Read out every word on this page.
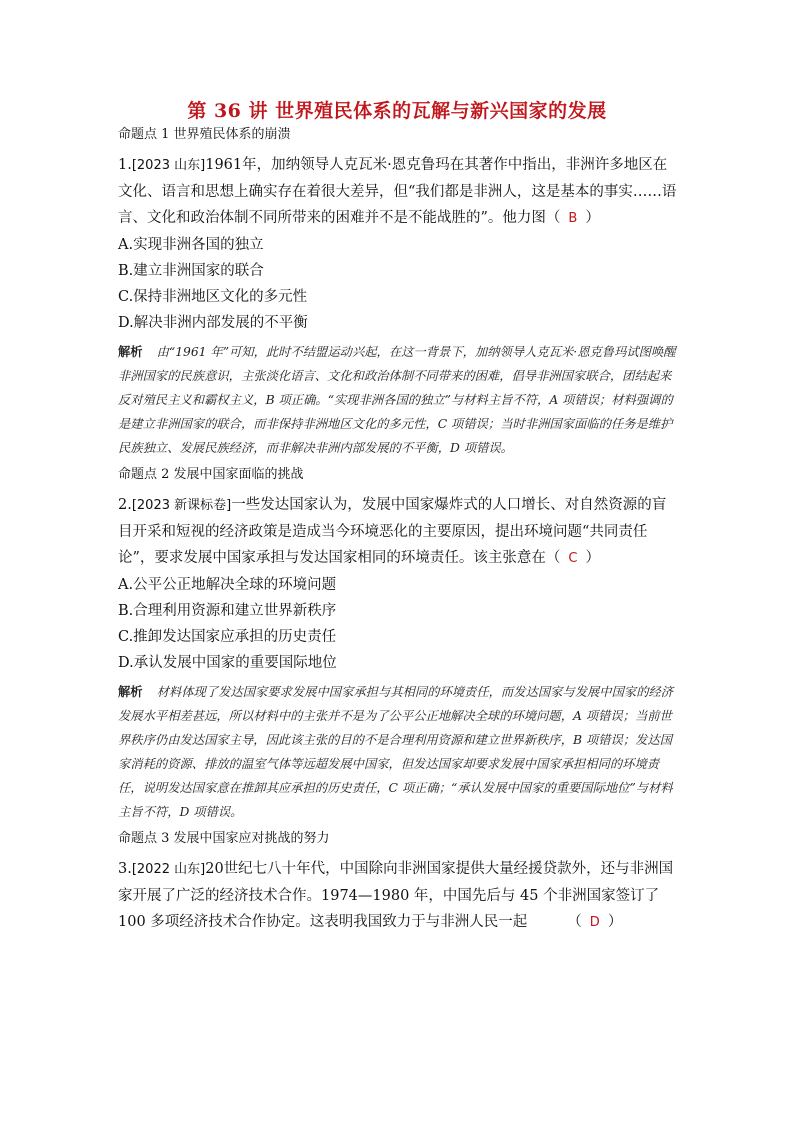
第 36 讲 世界殖民体系的瓦解与新兴国家的发展
命题点 1 世界殖民体系的崩溃

1.[2023 山东]1961年，加纳领导人克瓦米·恩克鲁玛在其著作中指出，非洲许多地区在文化、语言和思想上确实存在着很大差异，但“我们都是非洲人，这是基本的事实……语言、文化和政治体制不同所带来的困难并不是不能战胜的”。他力图（ B ）

A.实现非洲各国的独立

B.建立非洲国家的联合

C.保持非洲地区文化的多元性

D.解决非洲内部发展的不平衡

解析 由“1961 年”可知，此时不结盟运动兴起，在这一背景下，加纳领导人克瓦米·恩克鲁玛试图唤醒非洲国家的民族意识，主张淡化语言、文化和政治体制不同带来的困难，倡导非洲国家联合，团结起来反对殖民主义和霸权主义，B 项正确。“实现非洲各国的独立”与材料主旨不符，A 项错误；材料强调的是建立非洲国家的联合，而非保持非洲地区文化的多元性，C 项错误；当时非洲国家面临的任务是维护民族独立、发展民族经济，而非解决非洲内部发展的不平衡，D 项错误。

命题点 2 发展中国家面临的挑战

2.[2023 新课标卷]一些发达国家认为，发展中国家爆炸式的人口增长、对自然资源的盲目开采和短视的经济政策是造成当今环境恶化的主要原因，提出环境问题“共同责任论”，要求发展中国家承担与发达国家相同的环境责任。该主张意在（ C ）

A.公平公正地解决全球的环境问题

B.合理利用资源和建立世界新秩序

C.推卸发达国家应承担的历史责任

D.承认发展中国家的重要国际地位

解析 材料体现了发达国家要求发展中国家承担与其相同的环境责任，而发达国家与发展中国家的经济发展水平相差甚远，所以材料中的主张并不是为了公平公正地解决全球的环境问题，A 项错误；当前世界秩序仍由发达国家主导，因此该主张的目的不是合理利用资源和建立世界新秩序，B 项错误；发达国家消耗的资源、排放的温室气体等远超发展中国家，但发达国家却要求发展中国家承担相同的环境责任，说明发达国家意在推卸其应承担的历史责任，C 项正确；“承认发展中国家的重要国际地位”与材料主旨不符，D 项错误。

命题点 3 发展中国家应对挑战的努力

3.[2022 山东]20世纪七八十年代，中国除向非洲国家提供大量经援贷款外，还与非洲国家开展了广泛的经济技术合作。1974—1980 年，中国先后与 45 个非洲国家签订了 100 多项经济技术合作协定。这表明我国致力于与非洲人民一起	（ D ）
